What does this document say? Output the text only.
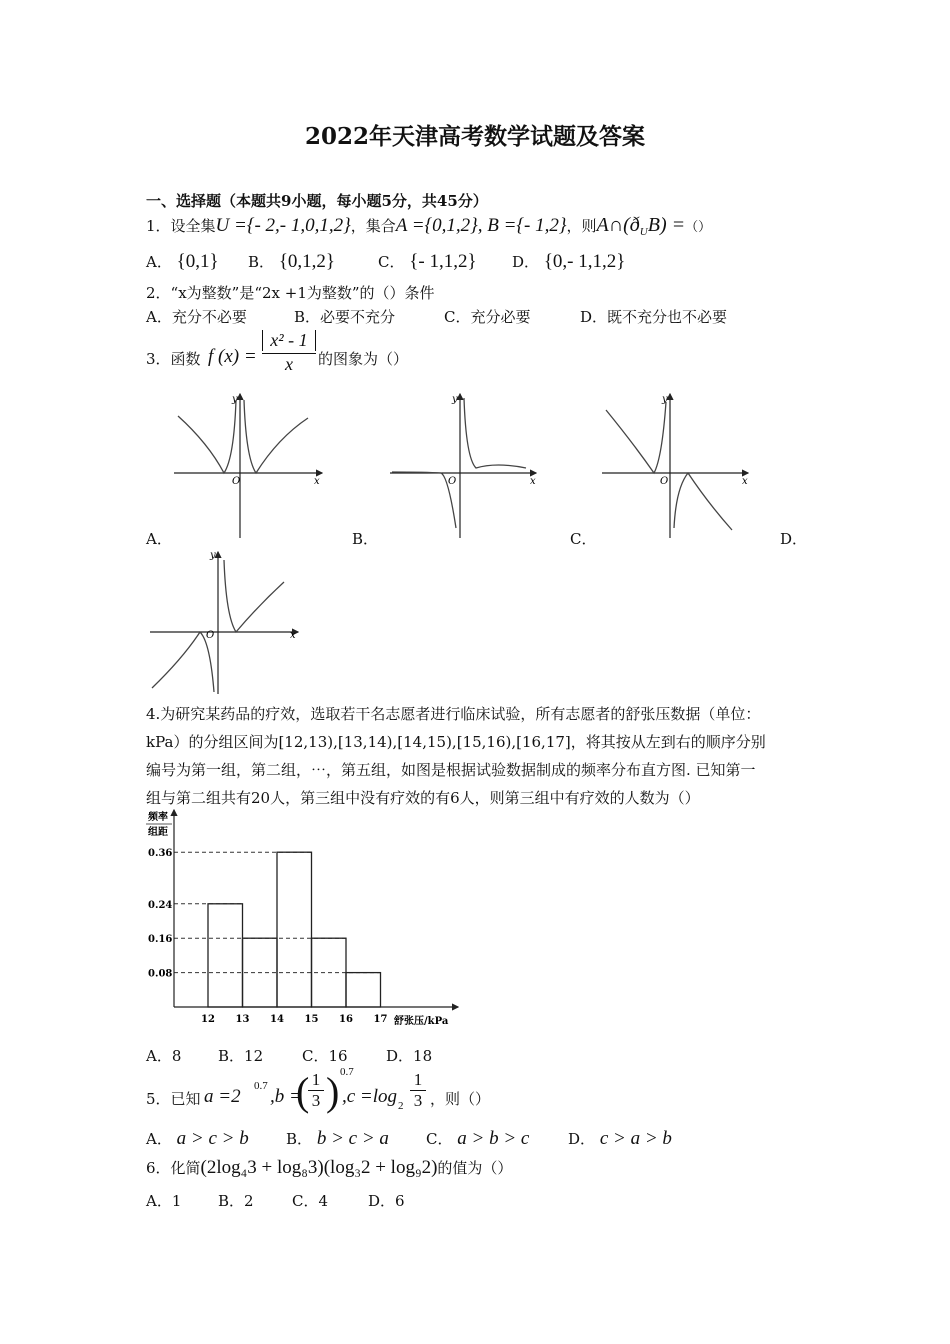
2022年天津高考数学试题及答案
一、选择题（本题共9小题，每小题5分，共45分）
1．设全集U ={- 2,- 1,0,1,2}，集合A ={0,1,2}, B ={- 1,2}，则$A\cap(ð_UB)$ =（）
A． {0,1} B． {0,1,2}	C． {- 1,1,2} D． {0,- 1,1,2}
2．“x为整数”是“2x +1为整数”的（）条件
A．充分不必要	B．必要不充分	C．充分必要	D．既不充分也不必要
3．函数 f (x) =
x² - 1
x	的图象为（）
O	x
y
O	x
y
O	x
y
A．	B．	C．	D．
O	x
y
4.为研究某药品的疗效，选取若干名志愿者进行临床试验，所有志愿者的舒张压数据（单位：
kPa）的分组区间为[12,13),[13,14),[14,15),[15,16),[16,17]，将其按从左到右的顺序分别
编号为第一组，第二组，⋯，第五组，如图是根据试验数据制成的频率分布直方图. 已知第一
组与第二组共有20人，第三组中没有疗效的有6人，则第三组中有疗效的人数为（）
频率
组距
0.36
0.24
0.16
0.08
12 13 14 15 16 17 舒张压/kPa
A．8 B．12	C．16	D．18
5．已知 a =2 0.7 ,b =
( 1
3 ) 0.7
,c =log 2
1
3 ，则（）
A． a > c > b B． b > c > a C． a > b > c	D． c > a > b
6．化简(2log₄3 + log₈3)(log₃2 + log₉2)的值为（）
A．1 B．2	C．4	D．6
